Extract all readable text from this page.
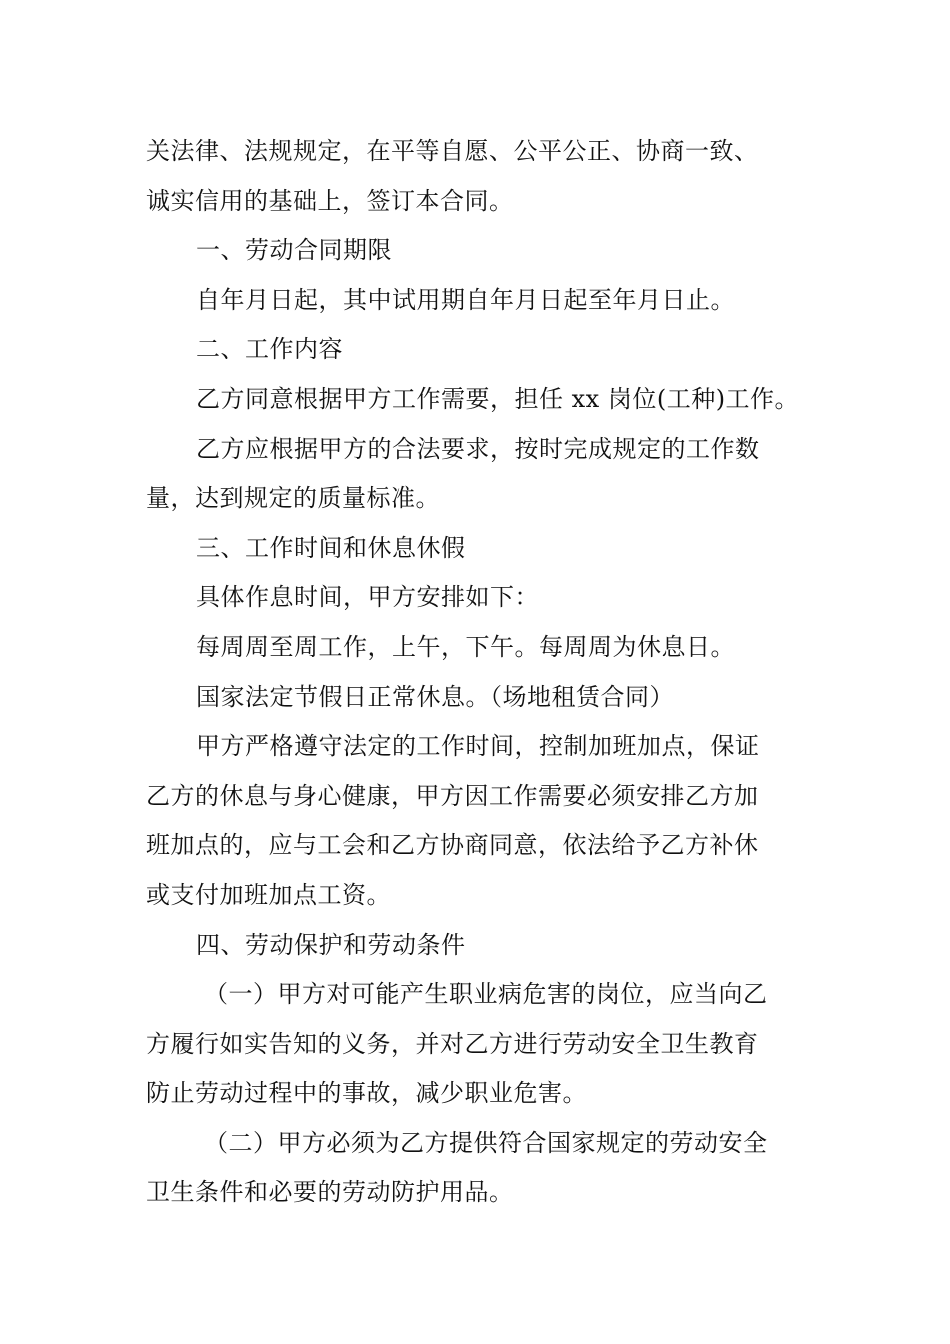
关法律、法规规定，在平等自愿、公平公正、协商一致、

诚实信用的基础上，签订本合同。

一、劳动合同期限

自年月日起，其中试用期自年月日起至年月日止。

二、工作内容

乙方同意根据甲方工作需要，担任 xx 岗位(工种)工作。

乙方应根据甲方的合法要求，按时完成规定的工作数

量，达到规定的质量标准。

三、工作时间和休息休假

具体作息时间，甲方安排如下：

每周周至周工作，上午，下午。每周周为休息日。

国家法定节假日正常休息。（场地租赁合同）

甲方严格遵守法定的工作时间，控制加班加点，保证

乙方的休息与身心健康，甲方因工作需要必须安排乙方加

班加点的，应与工会和乙方协商同意，依法给予乙方补休

或支付加班加点工资。

四、劳动保护和劳动条件

（一）甲方对可能产生职业病危害的岗位，应当向乙

方履行如实告知的义务，并对乙方进行劳动安全卫生教育

防止劳动过程中的事故，减少职业危害。

（二）甲方必须为乙方提供符合国家规定的劳动安全

卫生条件和必要的劳动防护用品。
